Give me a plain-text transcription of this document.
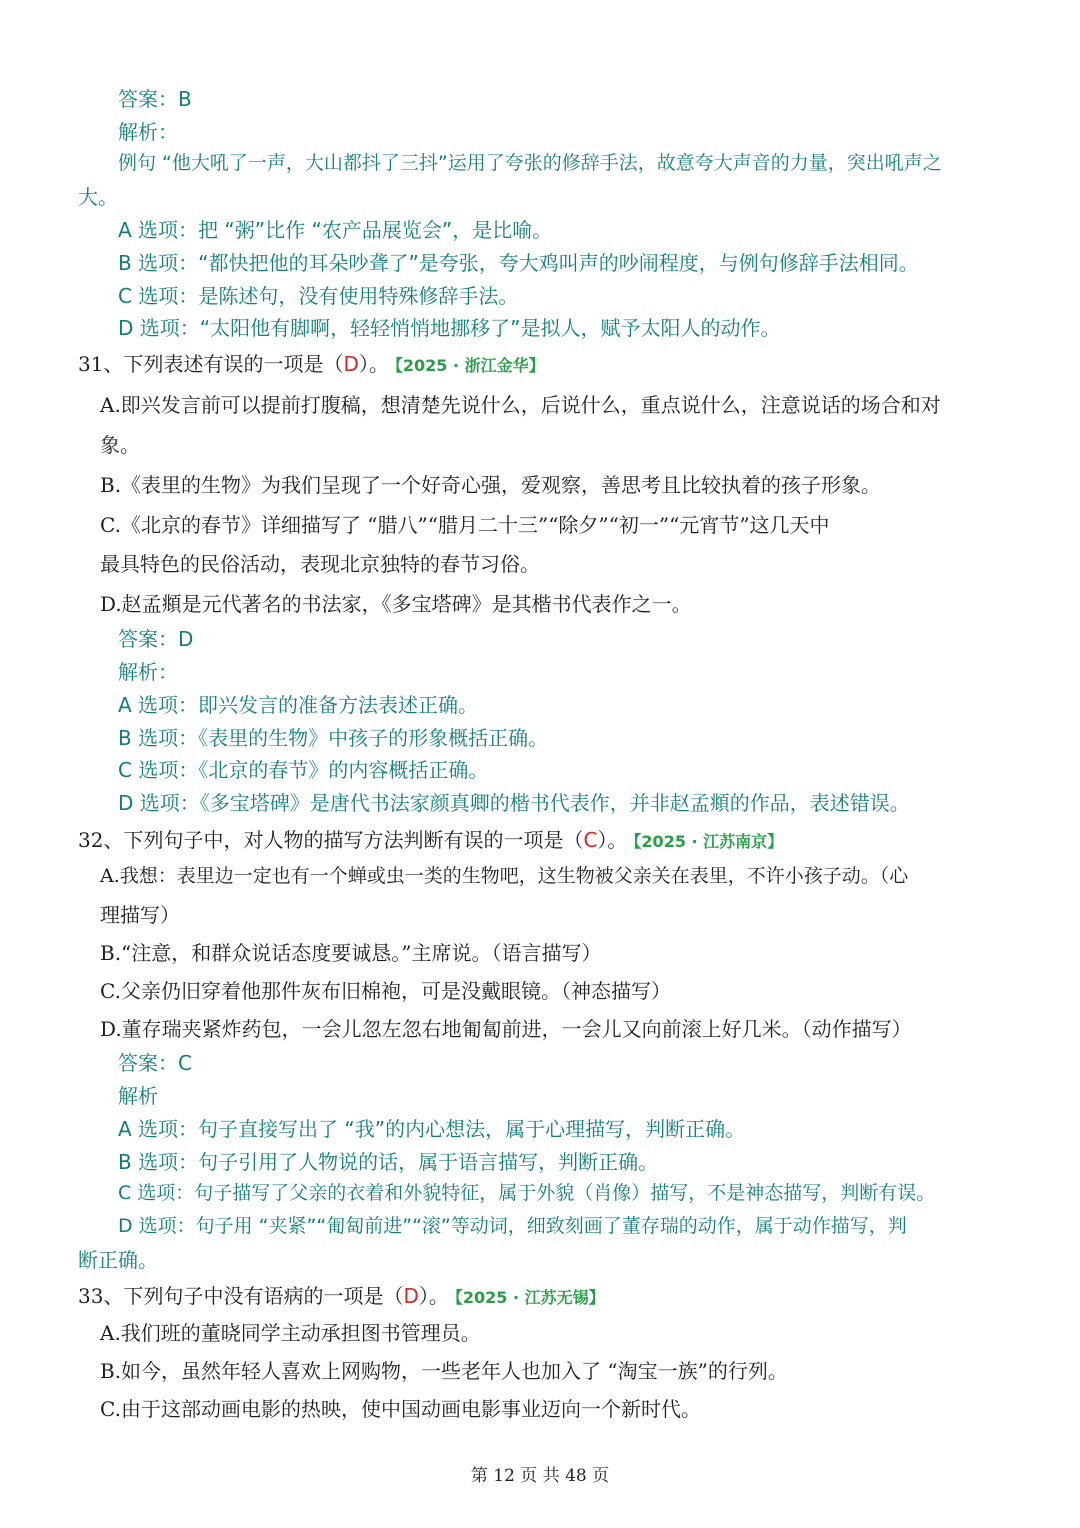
答案：B
解析：
例句 “他大吼了一声，大山都抖了三抖”运用了夸张的修辞手法，故意夸大声音的力量，突出吼声之
大。
A 选项：把 “粥”比作 “农产品展览会”，是比喻。
B 选项：“都快把他的耳朵吵聋了”是夸张，夸大鸡叫声的吵闹程度，与例句修辞手法相同。
C 选项：是陈述句，没有使用特殊修辞手法。
D 选项：“太阳他有脚啊，轻轻悄悄地挪移了”是拟人，赋予太阳人的动作。
31、下列表述有误的一项是（D）。 【2025 · 浙江金华】
A.即兴发言前可以提前打腹稿，想清楚先说什么，后说什么，重点说什么，注意说话的场合和对
象。
B.《表里的生物》为我们呈现了一个好奇心强，爱观察，善思考且比较执着的孩子形象。
C.《北京的春节》详细描写了 “腊八”“腊月二十三”“除夕”“初一”“元宵节”这几天中
最具特色的民俗活动，表现北京独特的春节习俗。
D.赵孟頫是元代著名的书法家，《多宝塔碑》是其楷书代表作之一。
答案：D
解析：
A 选项：即兴发言的准备方法表述正确。
B 选项：《表里的生物》中孩子的形象概括正确。
C 选项：《北京的春节》的内容概括正确。
D 选项：《多宝塔碑》是唐代书法家颜真卿的楷书代表作，并非赵孟頫的作品，表述错误。
32、下列句子中，对人物的描写方法判断有误的一项是（C）。 【2025 · 江苏南京】
A.我想：表里边一定也有一个蝉或虫一类的生物吧，这生物被父亲关在表里，不许小孩子动。（心
理描写）
B.“注意，和群众说话态度要诚恳。”主席说。（语言描写）
C.父亲仍旧穿着他那件灰布旧棉袍，可是没戴眼镜。（神态描写）
D.董存瑞夹紧炸药包，一会儿忽左忽右地匍匐前进，一会儿又向前滚上好几米。（动作描写）
答案：C
解析
A 选项：句子直接写出了 “我”的内心想法，属于心理描写，判断正确。
B 选项：句子引用了人物说的话，属于语言描写，判断正确。
C 选项：句子描写了父亲的衣着和外貌特征，属于外貌（肖像）描写，不是神态描写，判断有误。
D 选项：句子用 “夹紧”“匍匐前进”“滚”等动词，细致刻画了董存瑞的动作，属于动作描写，判
断正确。
33、下列句子中没有语病的一项是（D）。 【2025 · 江苏无锡】
A.我们班的董晓同学主动承担图书管理员。
B.如今，虽然年轻人喜欢上网购物，一些老年人也加入了 “淘宝一族”的行列。
C.由于这部动画电影的热映，使中国动画电影事业迈向一个新时代。
第 12 页 共 48 页
